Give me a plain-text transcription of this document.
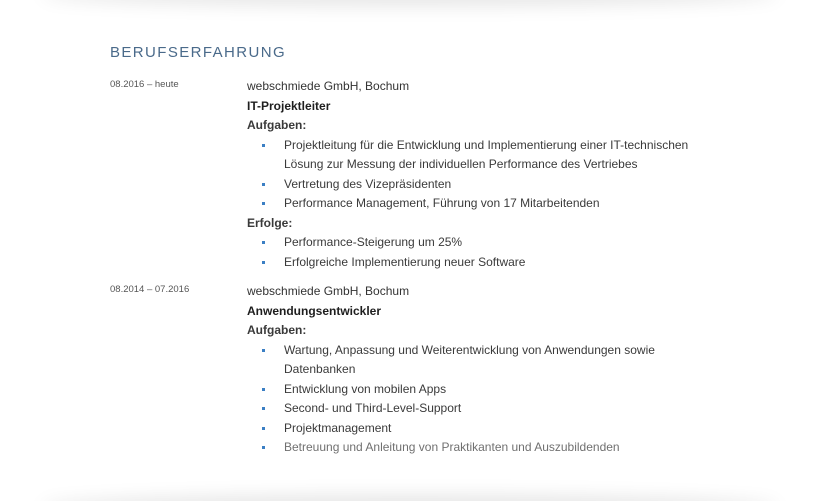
BERUFSERFAHRUNG
08.2016 – heute	webschmiede GmbH, Bochum
IT-Projektleiter
Aufgaben:
Projektleitung für die Entwicklung und Implementierung einer IT-technischen Lösung zur Messung der individuellen Performance des Vertriebes
Vertretung des Vizepräsidenten
Performance Management, Führung von 17 Mitarbeitenden
Erfolge:
Performance-Steigerung um 25%
Erfolgreiche Implementierung neuer Software
08.2014 – 07.2016	webschmiede GmbH, Bochum
Anwendungsentwickler
Aufgaben:
Wartung, Anpassung und Weiterentwicklung von Anwendungen sowie Datenbanken
Entwicklung von mobilen Apps
Second- und Third-Level-Support
Projektmanagement
Betreuung und Anleitung von Praktikanten und Auszubildenden
